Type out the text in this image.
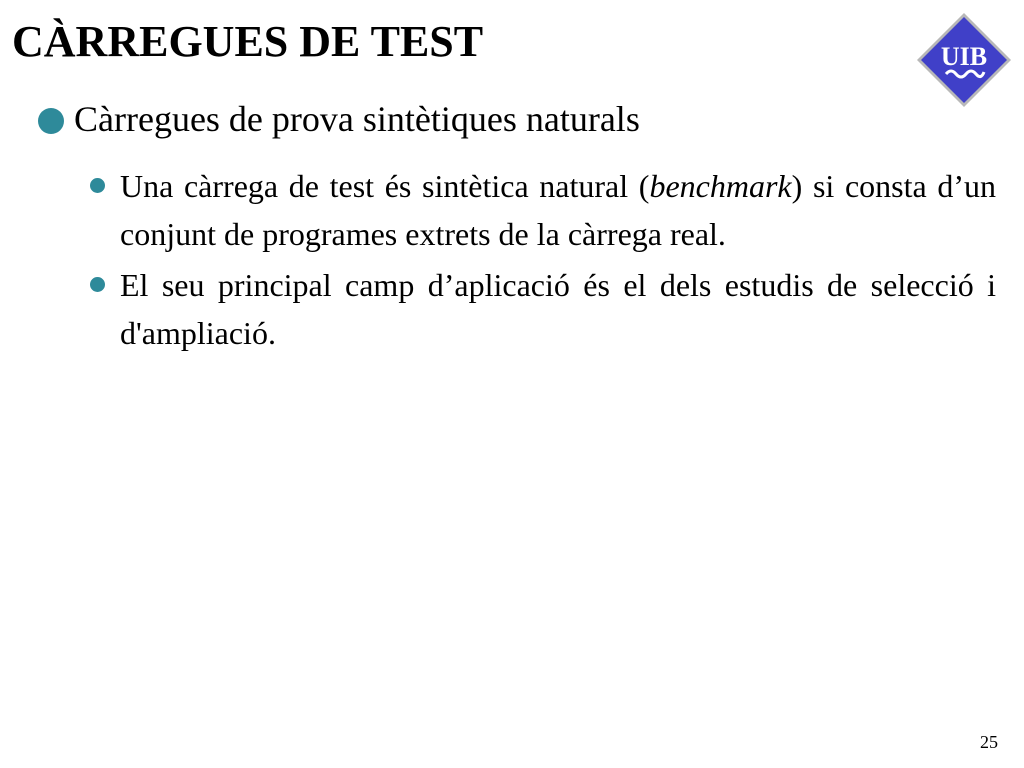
CÀRREGUES DE TEST	UIB
Càrregues de prova sintètiques naturals
Una càrrega de test és sintètica natural (benchmark) si consta d’un conjunt de programes extrets de la càrrega real.
El seu principal camp d’aplicació és el dels estudis de selecció i d'ampliació.
25
